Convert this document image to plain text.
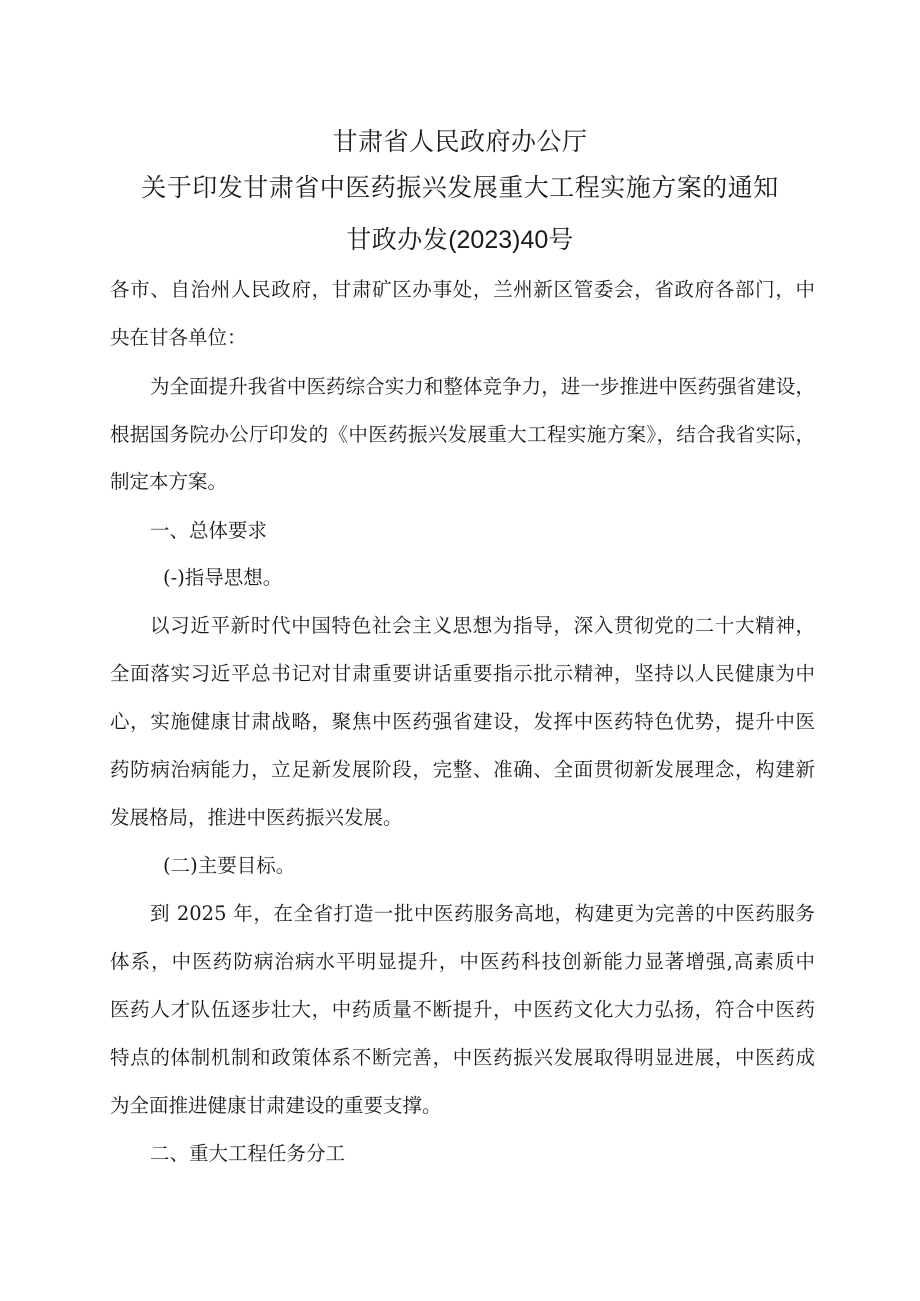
甘肃省人民政府办公厅
关于印发甘肃省中医药振兴发展重大工程实施方案的通知
甘政办发(2023)40号
各市、自治州人民政府，甘肃矿区办事处，兰州新区管委会，省政府各部门，中
央在甘各单位：
为全面提升我省中医药综合实力和整体竞争力，进一步推进中医药强省建设，
根据国务院办公厅印发的《中医药振兴发展重大工程实施方案》，结合我省实际，
制定本方案。
一、总体要求
(-)指导思想。
以习近平新时代中国特色社会主义思想为指导，深入贯彻党的二十大精神，
全面落实习近平总书记对甘肃重要讲话重要指示批示精神，坚持以人民健康为中
心，实施健康甘肃战略，聚焦中医药强省建设，发挥中医药特色优势，提升中医
药防病治病能力，立足新发展阶段，完整、准确、全面贯彻新发展理念，构建新
发展格局，推进中医药振兴发展。
(二)主要目标。
到 2025 年，在全省打造一批中医药服务高地，构建更为完善的中医药服务
体系，中医药防病治病水平明显提升，中医药科技创新能力显著增强,高素质中
医药人才队伍逐步壮大，中药质量不断提升，中医药文化大力弘扬，符合中医药
特点的体制机制和政策体系不断完善，中医药振兴发展取得明显进展，中医药成
为全面推进健康甘肃建设的重要支撑。
二、重大工程任务分工
